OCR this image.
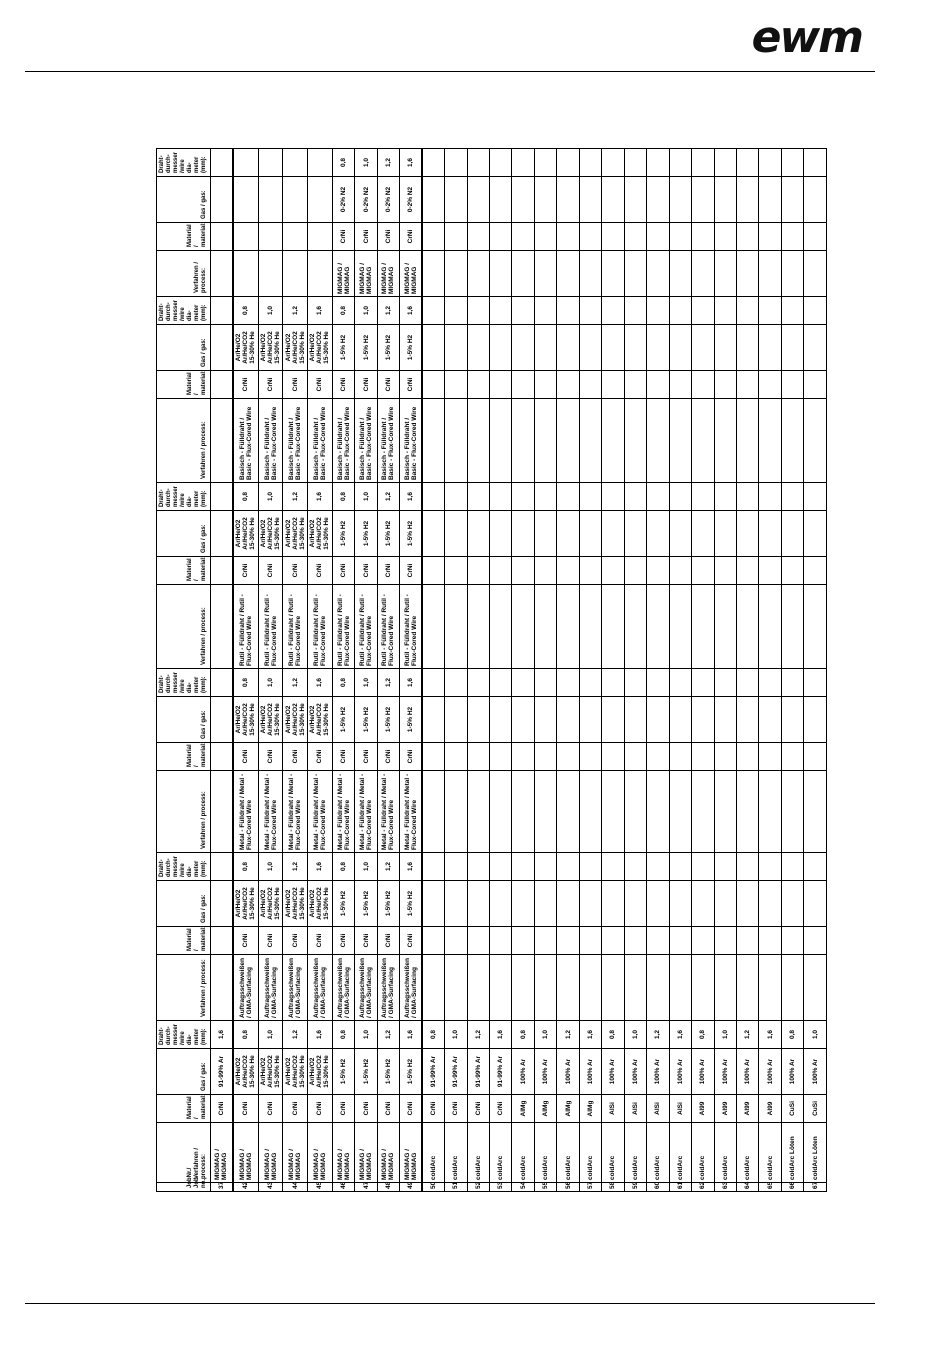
ewm
JobNr./ Job-no.	Verfahren / process:	Material / material:	Gas / gas:	Draht-durch-messer /wire dia-meter (mm):	Verfahren / process:	Material / material:	Gas / gas:	Draht-durch-messer /wire dia-meter (mm):	Verfahren / process:	Material / material:	Gas / gas:	Draht-durch-messer /wire dia-meter (mm):	Verfahren / process:	Material / material:	Gas / gas:	Draht-durch-messer /wire dia-meter (mm):	Verfahren / process:	Material / material:	Gas / gas:	Draht-durch-messer /wire dia-meter (mm):	Verfahren / process:	Material / material:	Gas / gas:	Draht-durch-messer /wire dia-meter (mm):	
37	MIGMAG / MIGMAG	CrNi	91-99% Ar	1,6																					
42	MIGMAG / MIGMAG	CrNi	Ar/He/O2 Ar/He/CO2 15-30% He	0,8	Auftragsschweißen / GMA-Surfacing	CrNi	Ar/He/O2 Ar/He/CO2 15-30% He	0,8	Metal - Fülldraht / Metal - Flux-Cored Wire	CrNi	Ar/He/O2 Ar/He/CO2 15-30% He	0,8	Rutil - Fülldraht / Rutil - Flux-Cored Wire	CrNi	Ar/He/O2 Ar/He/CO2 15-30% He	0,8	Basisch - Fülldraht / Basic - Flux-Cored Wire	CrNi	Ar/He/O2 Ar/He/CO2 15-30% He	0,8					
43	MIGMAG / MIGMAG	CrNi	Ar/He/O2 Ar/He/CO2 15-30% He	1,0	Auftragsschweißen / GMA-Surfacing	CrNi	Ar/He/O2 Ar/He/CO2 15-30% He	1,0	Metal - Fülldraht / Metal - Flux-Cored Wire	CrNi	Ar/He/O2 Ar/He/CO2 15-30% He	1,0	Rutil - Fülldraht / Rutil - Flux-Cored Wire	CrNi	Ar/He/O2 Ar/He/CO2 15-30% He	1,0	Basisch - Fülldraht / Basic - Flux-Cored Wire	CrNi	Ar/He/O2 Ar/He/CO2 15-30% He	1,0					
44	MIGMAG / MIGMAG	CrNi	Ar/He/O2 Ar/He/CO2 15-30% He	1,2	Auftragsschweißen / GMA-Surfacing	CrNi	Ar/He/O2 Ar/He/CO2 15-30% He	1,2	Metal - Fülldraht / Metal - Flux-Cored Wire	CrNi	Ar/He/O2 Ar/He/CO2 15-30% He	1,2	Rutil - Fülldraht / Rutil - Flux-Cored Wire	CrNi	Ar/He/O2 Ar/He/CO2 15-30% He	1,2	Basisch - Fülldraht / Basic - Flux-Cored Wire	CrNi	Ar/He/O2 Ar/He/CO2 15-30% He	1,2					
45	MIGMAG / MIGMAG	CrNi	Ar/He/O2 Ar/He/CO2 15-30% He	1,6	Auftragsschweißen / GMA-Surfacing	CrNi	Ar/He/O2 Ar/He/CO2 15-30% He	1,6	Metal - Fülldraht / Metal - Flux-Cored Wire	CrNi	Ar/He/O2 Ar/He/CO2 15-30% He	1,6	Rutil - Fülldraht / Rutil - Flux-Cored Wire	CrNi	Ar/He/O2 Ar/He/CO2 15-30% He	1,6	Basisch - Fülldraht / Basic - Flux-Cored Wire	CrNi	Ar/He/O2 Ar/He/CO2 15-30% He	1,6					
46	MIGMAG / MIGMAG	CrNi	1-5% H2	0,8	Auftragsschweißen / GMA-Surfacing	CrNi	1-5% H2	0,8	Metal - Fülldraht / Metal - Flux-Cored Wire	CrNi	1-5% H2	0,8	Rutil - Fülldraht / Rutil - Flux-Cored Wire	CrNi	1-5% H2	0,8	Basisch - Fülldraht / Basic - Flux-Cored Wire	CrNi	1-5% H2	0,8	MIGMAG / MIGMAG	CrNi	0-2% N2	0,8	
47	MIGMAG / MIGMAG	CrNi	1-5% H2	1,0	Auftragsschweißen / GMA-Surfacing	CrNi	1-5% H2	1,0	Metal - Fülldraht / Metal - Flux-Cored Wire	CrNi	1-5% H2	1,0	Rutil - Fülldraht / Rutil - Flux-Cored Wire	CrNi	1-5% H2	1,0	Basisch - Fülldraht / Basic - Flux-Cored Wire	CrNi	1-5% H2	1,0	MIGMAG / MIGMAG	CrNi	0-2% N2	1,0	
48	MIGMAG / MIGMAG	CrNi	1-5% H2	1,2	Auftragsschweißen / GMA-Surfacing	CrNi	1-5% H2	1,2	Metal - Fülldraht / Metal - Flux-Cored Wire	CrNi	1-5% H2	1,2	Rutil - Fülldraht / Rutil - Flux-Cored Wire	CrNi	1-5% H2	1,2	Basisch - Fülldraht / Basic - Flux-Cored Wire	CrNi	1-5% H2	1,2	MIGMAG / MIGMAG	CrNi	0-2% N2	1,2	
49	MIGMAG / MIGMAG	CrNi	1-5% H2	1,6	Auftragsschweißen / GMA-Surfacing	CrNi	1-5% H2	1,6	Metal - Fülldraht / Metal - Flux-Cored Wire	CrNi	1-5% H2	1,6	Rutil - Fülldraht / Rutil - Flux-Cored Wire	CrNi	1-5% H2	1,6	Basisch - Fülldraht / Basic - Flux-Cored Wire	CrNi	1-5% H2	1,6	MIGMAG / MIGMAG	CrNi	0-2% N2	1,6	
50	coldArc	CrNi	91-99% Ar	0,8																					
51	coldArc	CrNi	91-99% Ar	1,0																					
52	coldArc	CrNi	91-99% Ar	1,2																					
53	coldArc	CrNi	91-99% Ar	1,6																					
54	coldArc	AlMg	100% Ar	0,8																					
55	coldArc	AlMg	100% Ar	1,0																					
56	coldArc	AlMg	100% Ar	1,2																					
57	coldArc	AlMg	100% Ar	1,6																					
58	coldArc	AlSi	100% Ar	0,8																					
59	coldArc	AlSi	100% Ar	1,0																					
60	coldArc	AlSi	100% Ar	1,2																					
61	coldArc	AlSi	100% Ar	1,6																					
62	coldArc	Al99	100% Ar	0,8																					
63	coldArc	Al99	100% Ar	1,0																					
64	coldArc	Al99	100% Ar	1,2																					
65	coldArc	Al99	100% Ar	1,6																					
66	coldArc Löten	CuSi	100% Ar	0,8																					
67	coldArc Löten	CuSi	100% Ar	1,0																					
